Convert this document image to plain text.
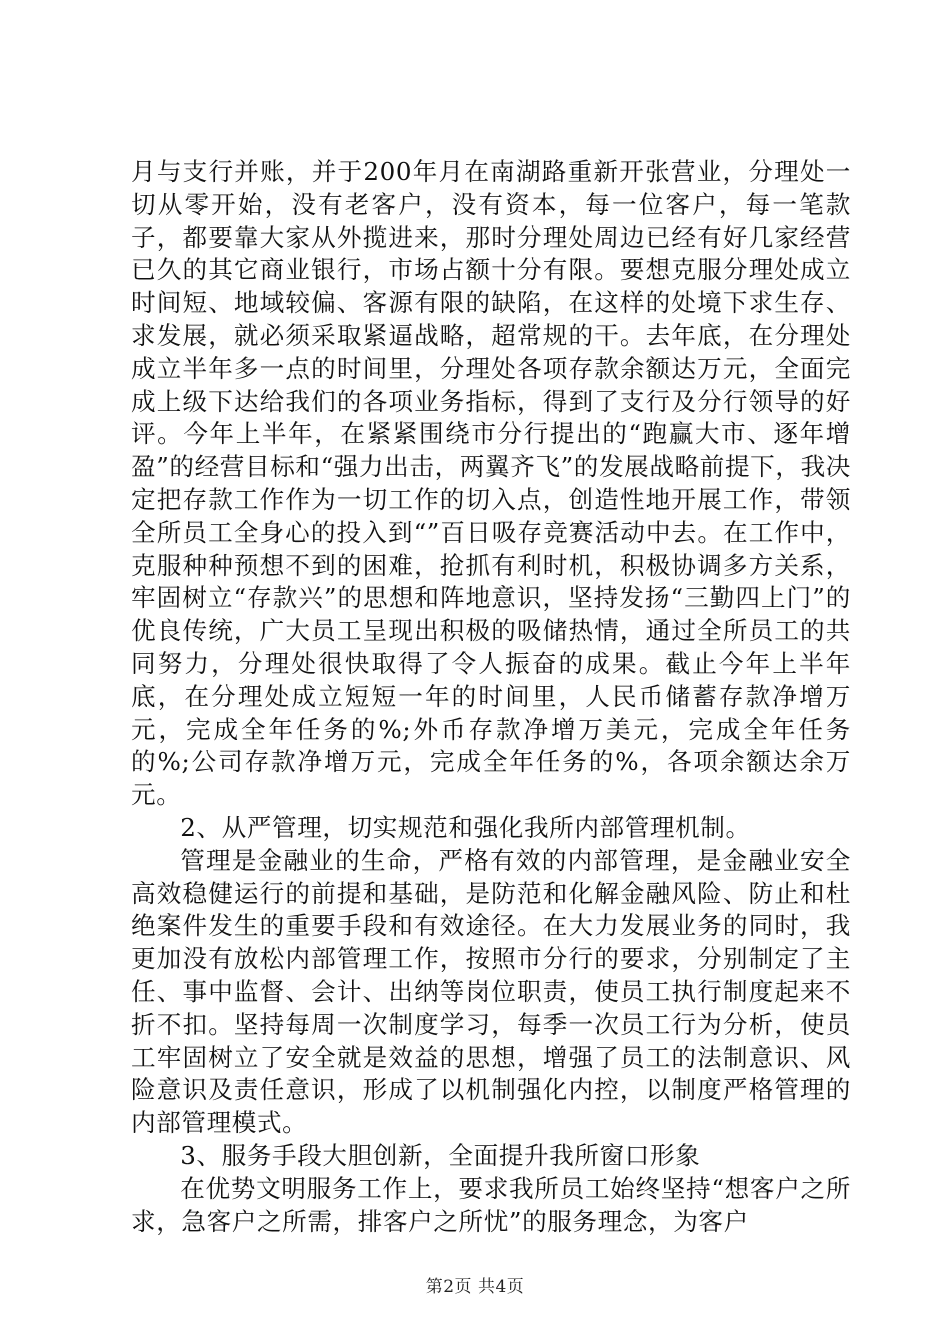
月与支行并账，并于200年月在南湖路重新开张营业，分理处一切从零开始，没有老客户，没有资本，每一位客户，每一笔款子，都要靠大家从外揽进来，那时分理处周边已经有好几家经营已久的其它商业银行，市场占额十分有限。要想克服分理处成立时间短、地域较偏、客源有限的缺陷，在这样的处境下求生存、求发展，就必须采取紧逼战略，超常规的干。去年底，在分理处成立半年多一点的时间里，分理处各项存款余额达万元，全面完成上级下达给我们的各项业务指标，得到了支行及分行领导的好评。今年上半年，在紧紧围绕市分行提出的“跑赢大市、逐年增盈”的经营目标和“强力出击，两翼齐飞”的发展战略前提下，我决定把存款工作作为一切工作的切入点，创造性地开展工作，带领全所员工全身心的投入到“”百日吸存竞赛活动中去。在工作中，克服种种预想不到的困难，抢抓有利时机，积极协调多方关系，牢固树立“存款兴”的思想和阵地意识，坚持发扬“三勤四上门”的优良传统，广大员工呈现出积极的吸储热情，通过全所员工的共同努力，分理处很快取得了令人振奋的成果。截止今年上半年底，在分理处成立短短一年的时间里，人民币储蓄存款净增万元，完成全年任务的%;外币存款净增万美元，完成全年任务的%;公司存款净增万元，完成全年任务的%，各项余额达余万元。

2、从严管理，切实规范和强化我所内部管理机制。

管理是金融业的生命，严格有效的内部管理，是金融业安全高效稳健运行的前提和基础，是防范和化解金融风险、防止和杜绝案件发生的重要手段和有效途径。在大力发展业务的同时，我更加没有放松内部管理工作，按照市分行的要求，分别制定了主任、事中监督、会计、出纳等岗位职责，使员工执行制度起来不折不扣。坚持每周一次制度学习，每季一次员工行为分析，使员工牢固树立了安全就是效益的思想，增强了员工的法制意识、风险意识及责任意识，形成了以机制强化内控，以制度严格管理的内部管理模式。

3、服务手段大胆创新，全面提升我所窗口形象

在优势文明服务工作上，要求我所员工始终坚持“想客户之所求，急客户之所需，排客户之所忧”的服务理念，为客户

第2页 共4页
